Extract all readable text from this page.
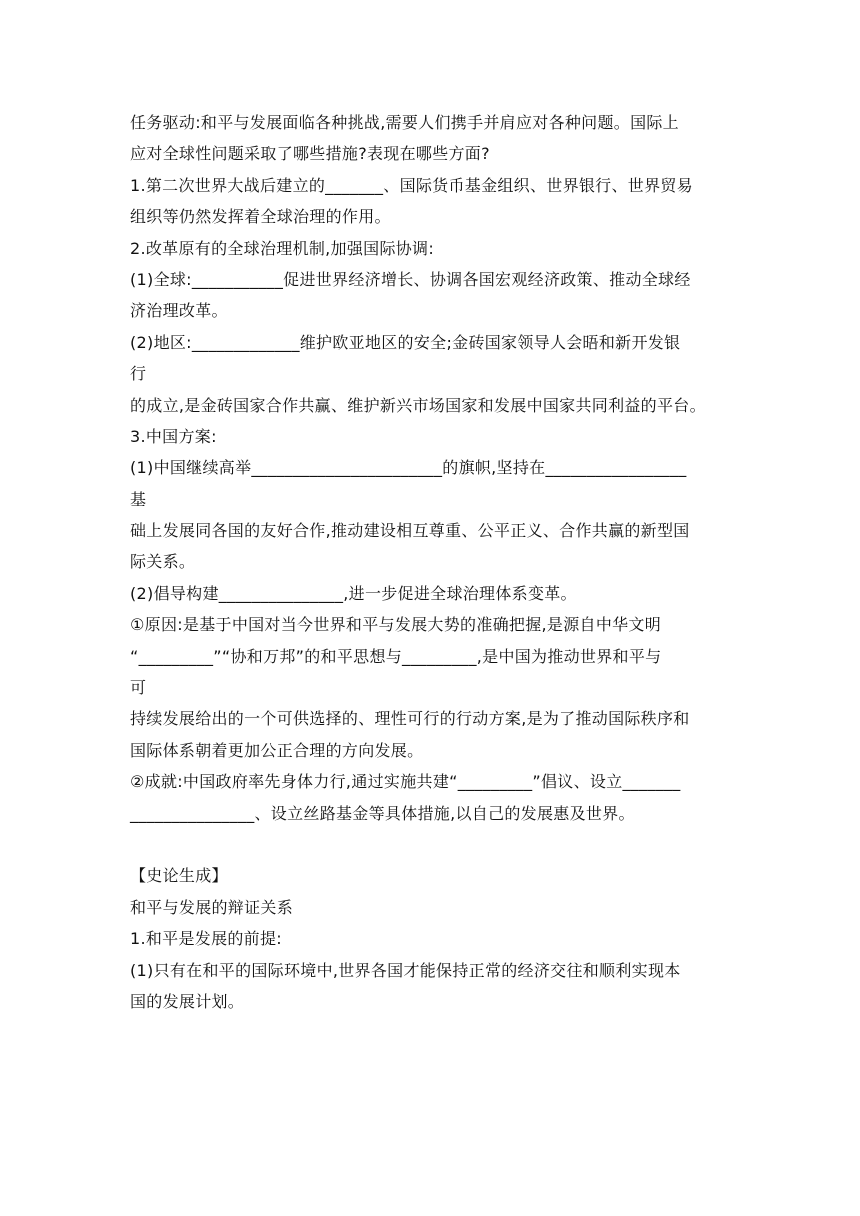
任务驱动:和平与发展面临各种挑战,需要人们携手并肩应对各种问题。国际上
应对全球性问题采取了哪些措施?表现在哪些方面?
1.第二次世界大战后建立的_______、国际货币基金组织、世界银行、世界贸易
组织等仍然发挥着全球治理的作用。
2.改革原有的全球治理机制,加强国际协调:
(1)全球:___________促进世界经济增长、协调各国宏观经济政策、推动全球经
济治理改革。
(2)地区:_____________维护欧亚地区的安全;金砖国家领导人会晤和新开发银
行
的成立,是金砖国家合作共赢、维护新兴市场国家和发展中国家共同利益的平台。
3.中国方案:
(1)中国继续高举_______________________的旗帜,坚持在_________________
基
础上发展同各国的友好合作,推动建设相互尊重、公平正义、合作共赢的新型国
际关系。
(2)倡导构建_______________,进一步促进全球治理体系变革。
①原因:是基于中国对当今世界和平与发展大势的准确把握,是源自中华文明
“_________”“协和万邦”的和平思想与_________,是中国为推动世界和平与
可
持续发展给出的一个可供选择的、理性可行的行动方案,是为了推动国际秩序和
国际体系朝着更加公正合理的方向发展。
②成就:中国政府率先身体力行,通过实施共建“_________”倡议、设立_______
_______________、设立丝路基金等具体措施,以自己的发展惠及世界。
【史论生成】
和平与发展的辩证关系
1.和平是发展的前提:
(1)只有在和平的国际环境中,世界各国才能保持正常的经济交往和顺利实现本
国的发展计划。
